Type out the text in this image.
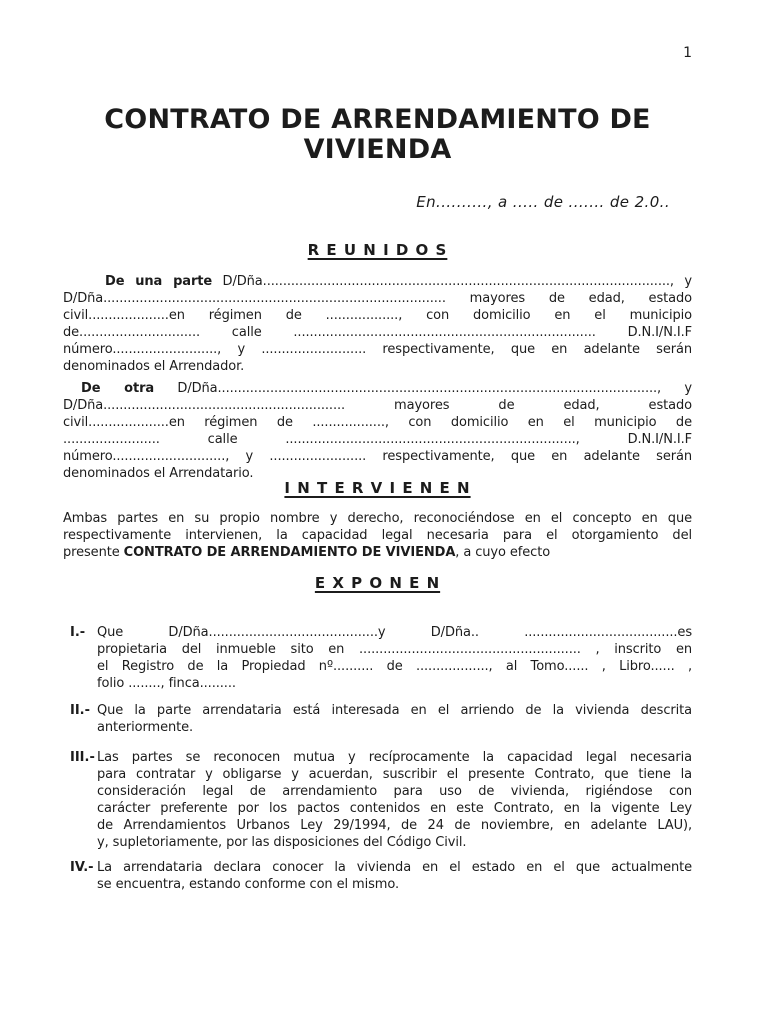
1
CONTRATO DE ARRENDAMIENTO DE VIVIENDA
En.........., a ..... de ....... de 2.0..
R E U N I D O S
De una parte D/Dña....................................................................................................., y
D/Dña..................................................................................... mayores de edad, estado
civil....................en régimen de .................., con domicilio en el municipio
de.............................. calle ........................................................................... D.N.I/N.I.F
número.........................., y .......................... respectivamente, que en adelante serán
denominados el Arrendador.
De otra D/Dña............................................................................................................., y
D/Dña............................................................ mayores de edad, estado
civil....................en régimen de .................., con domicilio en el municipio de
........................ calle ........................................................................, D.N.I/N.I.F
número............................, y ........................ respectivamente, que en adelante serán
denominados el Arrendatario.
I N T E R V I E N E N
Ambas partes en su propio nombre y derecho, reconociéndose en el concepto en que
respectivamente intervienen, la capacidad legal necesaria para el otorgamiento del
presente CONTRATO DE ARRENDAMIENTO DE VIVIENDA, a cuyo efecto
E X P O N E N
I.- Que D/Dña..........................................y D/Dña.. ......................................es
propietaria del inmueble sito en ....................................................... , inscrito en
el Registro de la Propiedad nº.......... de .................., al Tomo...... , Libro...... ,
folio ........, finca.........
II.- Que la parte arrendataria está interesada en el arriendo de la vivienda descrita
anteriormente.
III.- Las partes se reconocen mutua y recíprocamente la capacidad legal necesaria
para contratar y obligarse y acuerdan, suscribir el presente Contrato, que tiene la
consideración legal de arrendamiento para uso de vivienda, rigiéndose con
carácter preferente por los pactos contenidos en este Contrato, en la vigente Ley
de Arrendamientos Urbanos Ley 29/1994, de 24 de noviembre, en adelante LAU),
y, supletoriamente, por las disposiciones del Código Civil.
IV.- La arrendataria declara conocer la vivienda en el estado en el que actualmente
se encuentra, estando conforme con el mismo.
